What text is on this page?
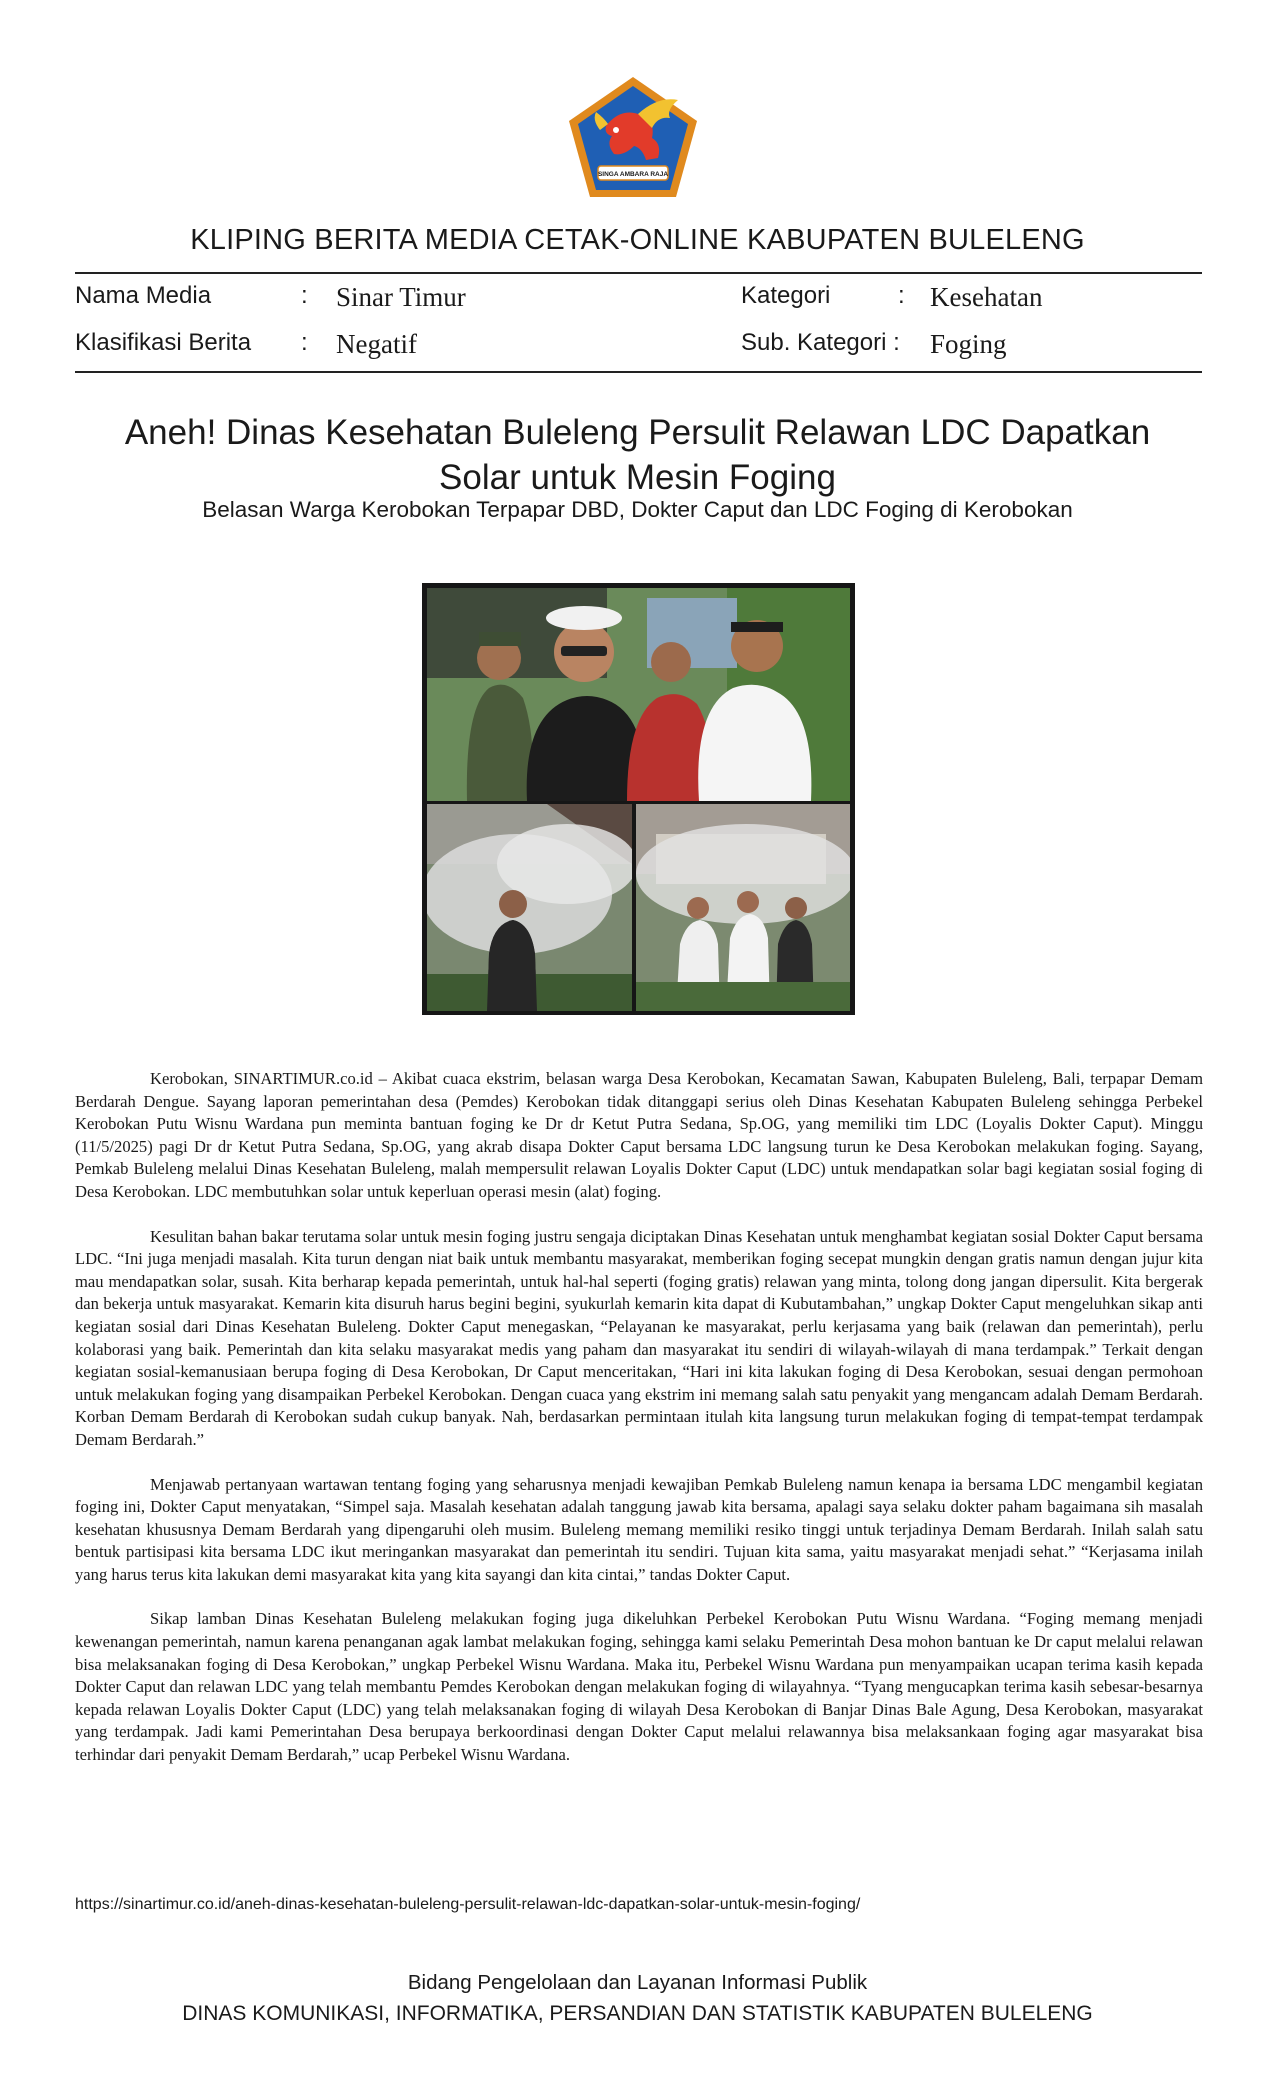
SINGA AMBARA RAJA
KLIPING BERITA MEDIA CETAK-ONLINE KABUPATEN BULELENG
Nama Media	: Sinar Timur	Kategori	: Kesehatan
Klasifikasi Berita : Negatif	Sub. Kategori : Foging
Aneh! Dinas Kesehatan Buleleng Persulit Relawan LDC Dapatkan
Solar untuk Mesin Foging
Belasan Warga Kerobokan Terpapar DBD, Dokter Caput dan LDC Foging di Kerobokan

Kerobokan, SINARTIMUR.co.id – Akibat cuaca ekstrim, belasan warga Desa Kerobokan, Kecamatan Sawan, Kabupaten Buleleng, Bali, terpapar Demam Berdarah Dengue. Sayang laporan pemerintahan desa (Pemdes) Kerobokan tidak ditanggapi serius oleh Dinas Kesehatan Kabupaten Buleleng sehingga Perbekel Kerobokan Putu Wisnu Wardana pun meminta bantuan foging ke Dr dr Ketut Putra Sedana, Sp.OG, yang memiliki tim LDC (Loyalis Dokter Caput). Minggu (11/5/2025) pagi Dr dr Ketut Putra Sedana, Sp.OG, yang akrab disapa Dokter Caput bersama LDC langsung turun ke Desa Kerobokan melakukan foging. Sayang, Pemkab Buleleng melalui Dinas Kesehatan Buleleng, malah mempersulit relawan Loyalis Dokter Caput (LDC) untuk mendapatkan solar bagi kegiatan sosial foging di Desa Kerobokan. LDC membutuhkan solar untuk keperluan operasi mesin (alat) foging.

Kesulitan bahan bakar terutama solar untuk mesin foging justru sengaja diciptakan Dinas Kesehatan untuk menghambat kegiatan sosial Dokter Caput bersama LDC. “Ini juga menjadi masalah. Kita turun dengan niat baik untuk membantu masyarakat, memberikan foging secepat mungkin dengan gratis namun dengan jujur kita mau mendapatkan solar, susah. Kita berharap kepada pemerintah, untuk hal-hal seperti (foging gratis) relawan yang minta, tolong dong jangan dipersulit. Kita bergerak dan bekerja untuk masyarakat. Kemarin kita disuruh harus begini begini, syukurlah kemarin kita dapat di Kubutambahan,” ungkap Dokter Caput mengeluhkan sikap anti kegiatan sosial dari Dinas Kesehatan Buleleng. Dokter Caput menegaskan, “Pelayanan ke masyarakat, perlu kerjasama yang baik (relawan dan pemerintah), perlu kolaborasi yang baik. Pemerintah dan kita selaku masyarakat medis yang paham dan masyarakat itu sendiri di wilayah-wilayah di mana terdampak.” Terkait dengan kegiatan sosial-kemanusiaan berupa foging di Desa Kerobokan, Dr Caput menceritakan, “Hari ini kita lakukan foging di Desa Kerobokan, sesuai dengan permohoan untuk melakukan foging yang disampaikan Perbekel Kerobokan. Dengan cuaca yang ekstrim ini memang salah satu penyakit yang mengancam adalah Demam Berdarah. Korban Demam Berdarah di Kerobokan sudah cukup banyak. Nah, berdasarkan permintaan itulah kita langsung turun melakukan foging di tempat-tempat terdampak Demam Berdarah.”

Menjawab pertanyaan wartawan tentang foging yang seharusnya menjadi kewajiban Pemkab Buleleng namun kenapa ia bersama LDC mengambil kegiatan foging ini, Dokter Caput menyatakan, “Simpel saja. Masalah kesehatan adalah tanggung jawab kita bersama, apalagi saya selaku dokter paham bagaimana sih masalah kesehatan khususnya Demam Berdarah yang dipengaruhi oleh musim. Buleleng memang memiliki resiko tinggi untuk terjadinya Demam Berdarah. Inilah salah satu bentuk partisipasi kita bersama LDC ikut meringankan masyarakat dan pemerintah itu sendiri. Tujuan kita sama, yaitu masyarakat menjadi sehat.” “Kerjasama inilah yang harus terus kita lakukan demi masyarakat kita yang kita sayangi dan kita cintai,” tandas Dokter Caput.

Sikap lamban Dinas Kesehatan Buleleng melakukan foging juga dikeluhkan Perbekel Kerobokan Putu Wisnu Wardana. “Foging memang menjadi kewenangan pemerintah, namun karena penanganan agak lambat melakukan foging, sehingga kami selaku Pemerintah Desa mohon bantuan ke Dr caput melalui relawan bisa melaksanakan foging di Desa Kerobokan,” ungkap Perbekel Wisnu Wardana. Maka itu, Perbekel Wisnu Wardana pun menyampaikan ucapan terima kasih kepada Dokter Caput dan relawan LDC yang telah membantu Pemdes Kerobokan dengan melakukan foging di wilayahnya. “Tyang mengucapkan terima kasih sebesar-besarnya kepada relawan Loyalis Dokter Caput (LDC) yang telah melaksanakan foging di wilayah Desa Kerobokan di Banjar Dinas Bale Agung, Desa Kerobokan, masyarakat yang terdampak. Jadi kami Pemerintahan Desa berupaya berkoordinasi dengan Dokter Caput melalui relawannya bisa melaksankaan foging agar masyarakat bisa terhindar dari penyakit Demam Berdarah,” ucap Perbekel Wisnu Wardana.

https://sinartimur.co.id/aneh-dinas-kesehatan-buleleng-persulit-relawan-ldc-dapatkan-solar-untuk-mesin-foging/
Bidang Pengelolaan dan Layanan Informasi Publik
DINAS KOMUNIKASI, INFORMATIKA, PERSANDIAN DAN STATISTIK KABUPATEN BULELENG
